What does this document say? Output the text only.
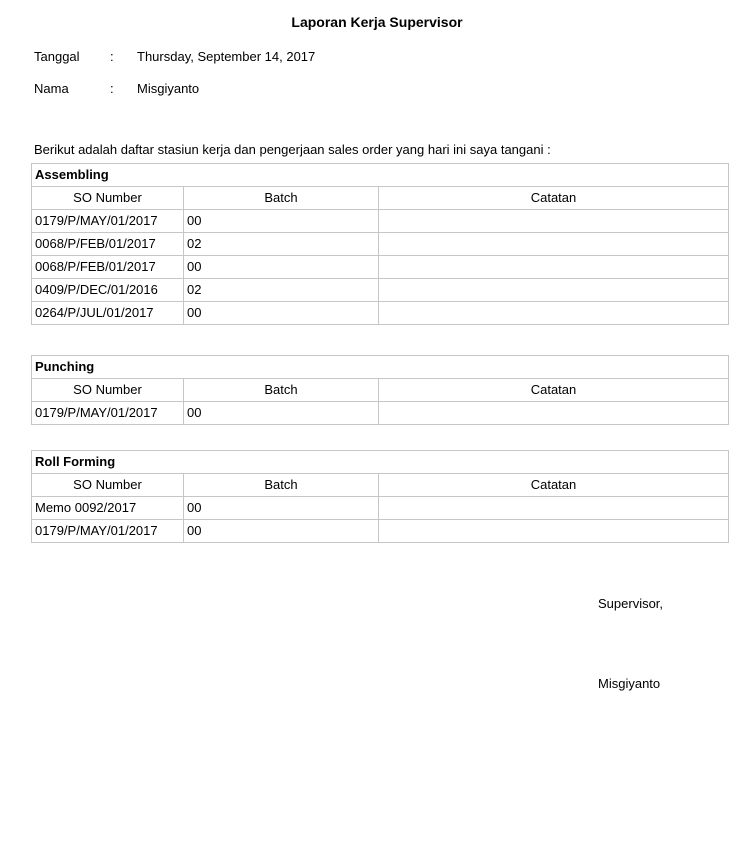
Laporan Kerja Supervisor
Tanggal : Thursday, September 14, 2017
Nama	: Misgiyanto
Berikut adalah daftar stasiun kerja dan pengerjaan sales order yang hari ini saya tangani :
Assembling		
SO Number	Batch	Catatan
0179/P/MAY/01/2017	00	
0068/P/FEB/01/2017	02	
0068/P/FEB/01/2017	00	
0409/P/DEC/01/2016	02	
0264/P/JUL/01/2017	00	
Punching		
SO Number	Batch	Catatan
0179/P/MAY/01/2017	00	
Roll Forming		
SO Number	Batch	Catatan
Memo 0092/2017	00	
0179/P/MAY/01/2017	00	
Supervisor,
Misgiyanto
